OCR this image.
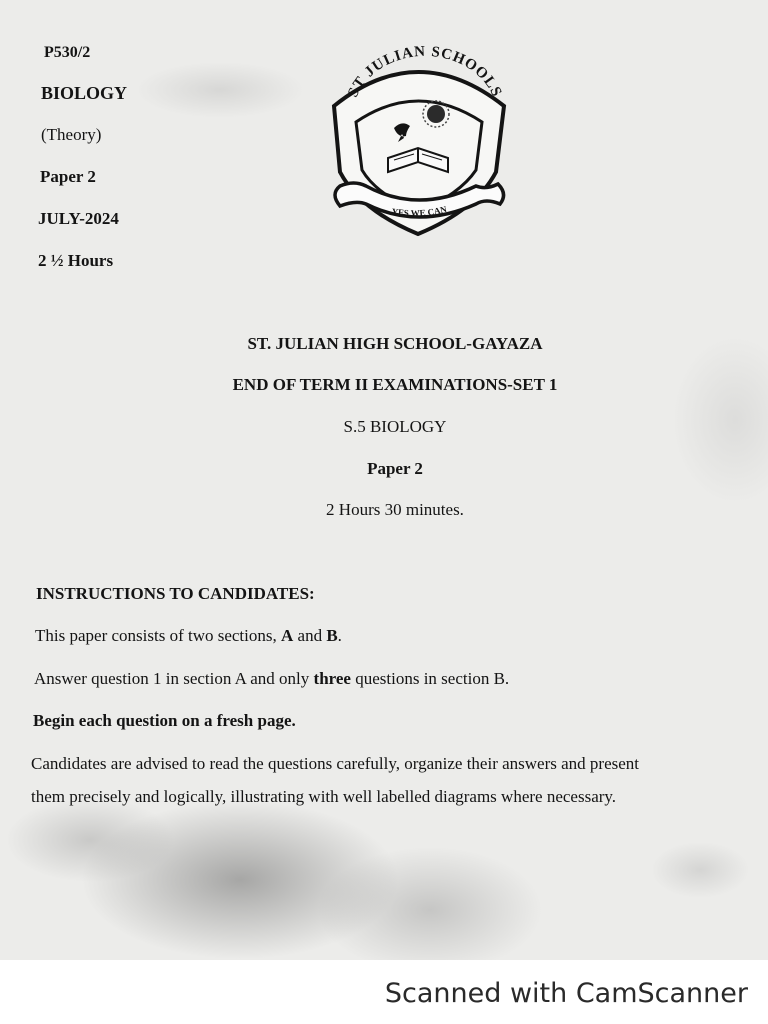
P530/2
BIOLOGY
(Theory)
Paper 2
JULY-2024
2 ½ Hours
ST JULIAN SCHOOLS
YES WE CAN
ST. JULIAN HIGH SCHOOL-GAYAZA
END OF TERM II EXAMINATIONS-SET 1
S.5 BIOLOGY
Paper 2
2 Hours 30 minutes.
INSTRUCTIONS TO CANDIDATES:
This paper consists of two sections, A and B.
Answer question 1 in section A and only three questions in section B.
Begin each question on a fresh page.
Candidates are advised to read the questions carefully, organize their answers and present
them precisely and logically, illustrating with well labelled diagrams where necessary.
Scanned with CamScanner
